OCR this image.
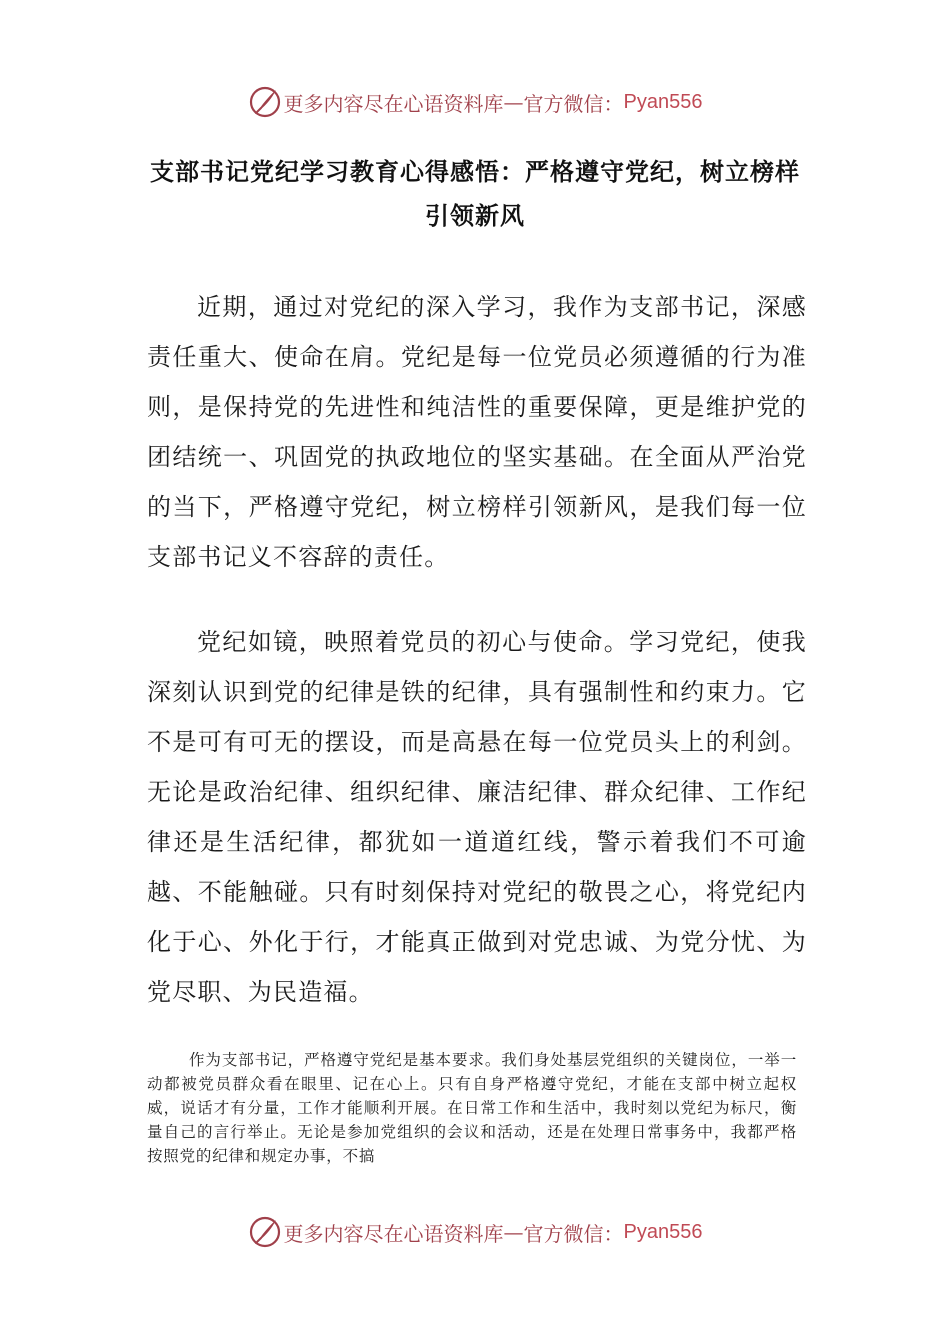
更多内容尽在心语资料库 — 官方微信： Pyan556
支部书记党纪学习教育心得感悟：严格遵守党纪，树立榜样引领新风
近期，通过对党纪的深入学习，我作为支部书记，深感责任重大、使命在肩。党纪是每一位党员必须遵循的行为准则，是保持党的先进性和纯洁性的重要保障，更是维护党的团结统一、巩固党的执政地位的坚实基础。在全面从严治党的当下，严格遵守党纪，树立榜样引领新风，是我们每一位支部书记义不容辞的责任。
党纪如镜，映照着党员的初心与使命。学习党纪，使我深刻认识到党的纪律是铁的纪律，具有强制性和约束力。它不是可有可无的摆设，而是高悬在每一位党员头上的利剑。无论是政治纪律、组织纪律、廉洁纪律、群众纪律、工作纪律还是生活纪律，都犹如一道道红线，警示着我们不可逾越、不能触碰。只有时刻保持对党纪的敬畏之心，将党纪内化于心、外化于行，才能真正做到对党忠诚、为党分忧、为党尽职、为民造福。
作为支部书记，严格遵守党纪是基本要求。我们身处基层党组织的关键岗位，一举一动都被党员群众看在眼里、记在心上。只有自身严格遵守党纪，才能在支部中树立起权威，说话才有分量，工作才能顺利开展。在日常工作和生活中，我时刻以党纪为标尺，衡量自己的言行举止。无论是参加党组织的会议和活动，还是在处理日常事务中，我都严格按照党的纪律和规定办事，不搞
更多内容尽在心语资料库 — 官方微信： Pyan556
